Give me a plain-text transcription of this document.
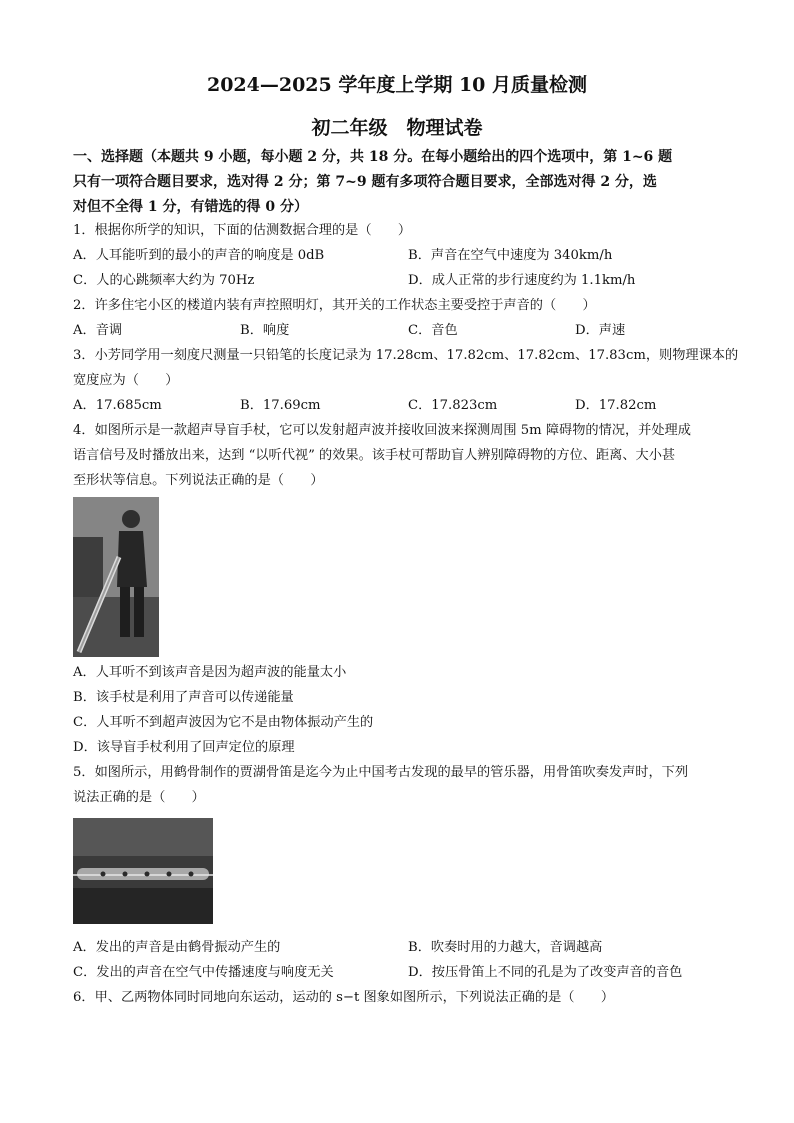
2024—2025 学年度上学期 10 月质量检测
初二年级　物理试卷
一、选择题（本题共 9 小题，每小题 2 分，共 18 分。在每小题给出的四个选项中，第 1~6 题
只有一项符合题目要求，选对得 2 分；第 7~9 题有多项符合题目要求，全部选对得 2 分，选
对但不全得 1 分，有错选的得 0 分）
1．根据你所学的知识，下面的估测数据合理的是（　　）
A．人耳能听到的最小的声音的响度是 0dB	B．声音在空气中速度为 340km/h
C．人的心跳频率大约为 70Hz	D．成人正常的步行速度约为 1.1km/h
2．许多住宅小区的楼道内装有声控照明灯，其开关的工作状态主要受控于声音的（　　）
A．音调	B．响度	C．音色	D．声速
3．小芳同学用一刻度尺测量一只铅笔的长度记录为 17.28cm、17.82cm、17.82cm、17.83cm，则物理课本的
宽度应为（　　）
A．17.685cm	B．17.69cm	C．17.823cm	D．17.82cm
4．如图所示是一款超声导盲手杖，它可以发射超声波并接收回波来探测周围 5m 障碍物的情况，并处理成
语言信号及时播放出来，达到 “以听代视” 的效果。该手杖可帮助盲人辨别障碍物的方位、距离、大小甚
至形状等信息。下列说法正确的是（　　）
A．人耳听不到该声音是因为超声波的能量太小
B．该手杖是利用了声音可以传递能量
C．人耳听不到超声波因为它不是由物体振动产生的
D．该导盲手杖利用了回声定位的原理
5．如图所示，用鹤骨制作的贾湖骨笛是迄今为止中国考古发现的最早的管乐器，用骨笛吹奏发声时，下列
说法正确的是（　　）
A．发出的声音是由鹤骨振动产生的	B．吹奏时用的力越大，音调越高
C．发出的声音在空气中传播速度与响度无关	D．按压骨笛上不同的孔是为了改变声音的音色
6．甲、乙两物体同时同地向东运动，运动的 s−t 图象如图所示，下列说法正确的是（　　）
